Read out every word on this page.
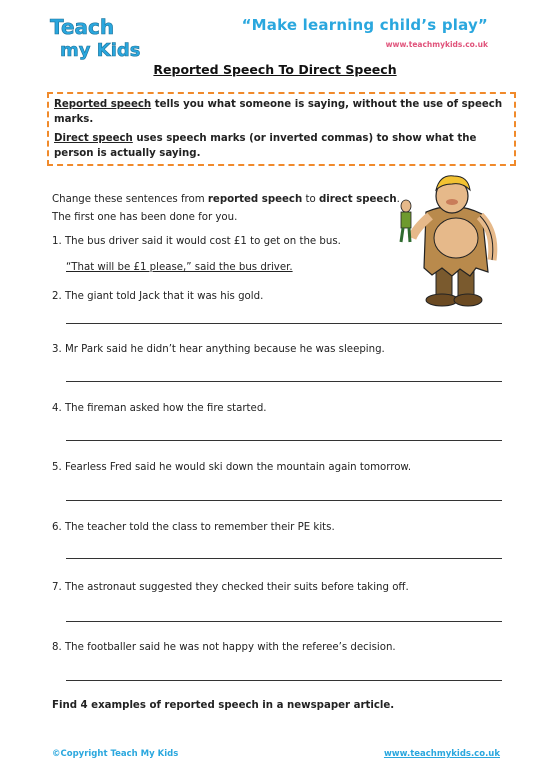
Teach
my Kids
“Make learning child’s play”
www.teachmykids.co.uk
Reported Speech To Direct Speech

Reported speech tells you what someone is saying, without the use of speech marks.

Direct speech uses speech marks (or inverted commas) to show what the person is actually saying.

Change these sentences from reported speech to direct speech.
The first one has been done for you.
1. The bus driver said it would cost £1 to get on the bus.
“That will be £1 please,” said the bus driver.
2. The giant told Jack that it was his gold.
3. Mr Park said he didn’t hear anything because he was sleeping.
4. The fireman asked how the fire started.
5. Fearless Fred said he would ski down the mountain again tomorrow.
6. The teacher told the class to remember their PE kits.
7. The astronaut suggested they checked their suits before taking off.
8. The footballer said he was not happy with the referee’s decision.
Find 4 examples of reported speech in a newspaper article.
©Copyright Teach My Kids	www.teachmykids.co.uk
